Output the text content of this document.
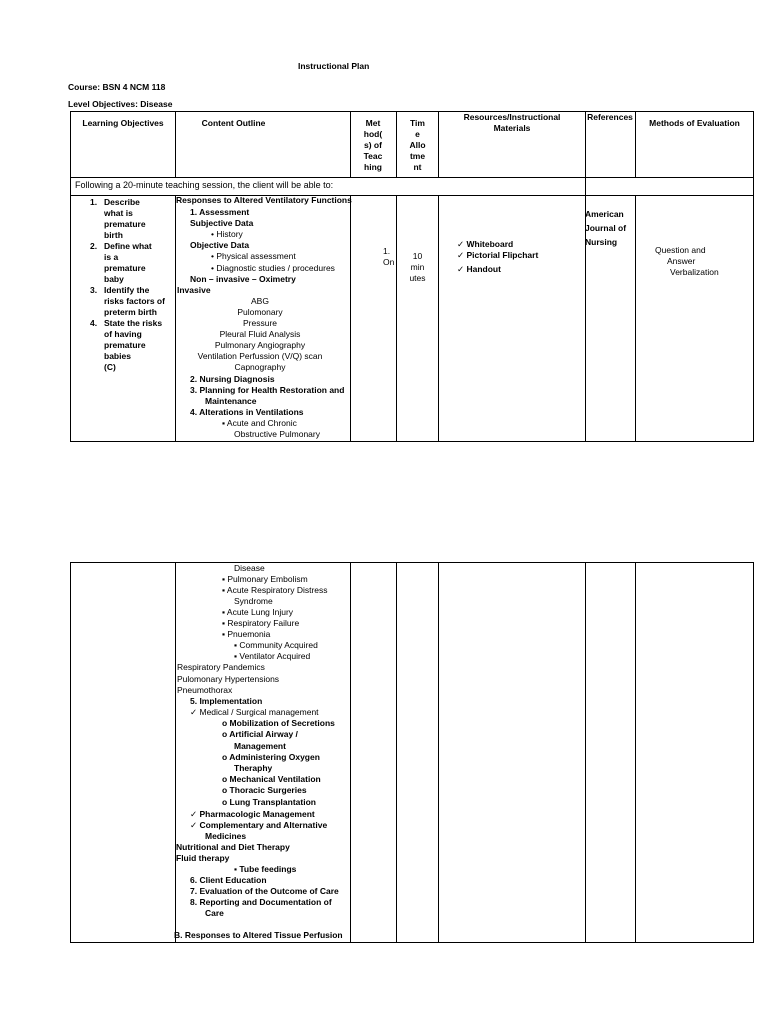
Instructional Plan
Course: BSN 4 NCM 118
Level Objectives: Disease
Learning Objectives	Content Outline	Met
hod(
s) of
Teac
hing
Tim
e
Allo
tme
nt
Resources/Instructional
Materials
References
Methods of Evaluation
Following a 20-minute teaching session, the client will be able to:
1. Describe
what is
premature
birth
2. Define what
is a
premature
baby
3. Identify the
risks factors of
preterm birth
4. State the risks
of having
premature
babies
(C)
Responses to Altered Ventilatory Functions
1. Assessment
Subjective Data
• History
Objective Data
• Physical assessment
• Diagnostic studies / procedures
Non – invasive – Oximetry
Invasive
ABG
Pulomonary
Pressure
Pleural Fluid Analysis
Pulmonary Angiography
Ventilation Perfussion (V/Q) scan
Capnography
2. Nursing Diagnosis
3. Planning for Health Restoration and
Maintenance
4. Alterations in Ventilations
▪ Acute and Chronic
Obstructive Pulmonary
1.
On
10
min
utes
✓ Whiteboard
✓ Pictorial Flipchart
✓ Handout
American
Journal of
Nursing
Question and
Answer
Verbalization
Disease
▪ Pulmonary Embolism
▪ Acute Respiratory Distress
Syndrome
▪ Acute Lung Injury
▪ Respiratory Failure
▪ Pnuemonia
▪ Community Acquired
▪ Ventilator Acquired
Respiratory Pandemics
Pulomonary Hypertensions
Pneumothorax
5. Implementation
✓ Medical / Surgical management
o Mobilization of Secretions
o Artificial Airway /
Management
o Administering Oxygen
Theraphy
o Mechanical Ventilation
o Thoracic Surgeries
o Lung Transplantation
✓ Pharmacologic Management
✓ Complementary and Alternative
Medicines
Nutritional and Diet Therapy
Fluid therapy
▪ Tube feedings
6. Client Education
7. Evaluation of the Outcome of Care
8. Reporting and Documentation of
Care
B. Responses to Altered Tissue Perfusion
